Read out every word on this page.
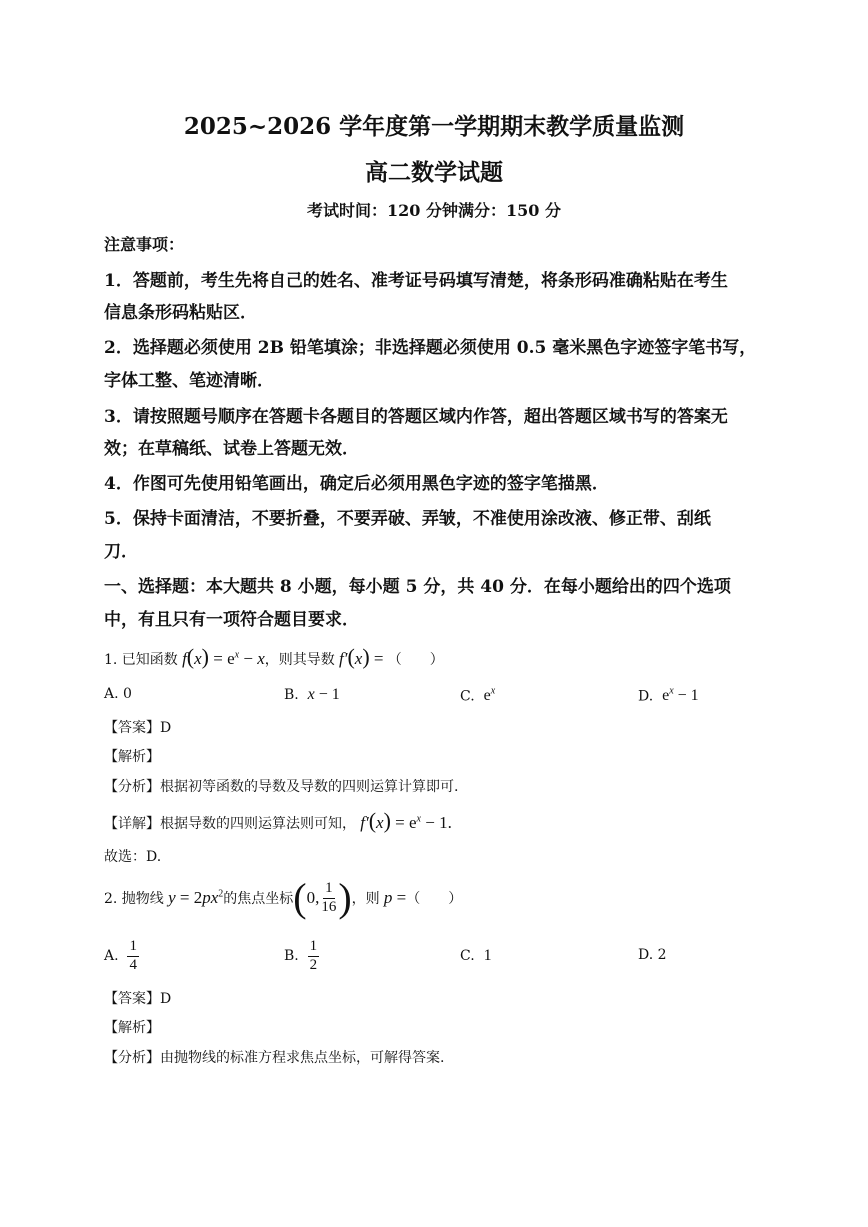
2025~2026 学年度第一学期期末教学质量监测
高二数学试题
考试时间：120 分钟满分：150 分
注意事项：
1．答题前，考生先将自己的姓名、准考证号码填写清楚，将条形码准确粘贴在考生
信息条形码粘贴区．
2．选择题必须使用 2B 铅笔填涂；非选择题必须使用 0.5 毫米黑色字迹签字笔书写，
字体工整、笔迹清晰．
3．请按照题号顺序在答题卡各题目的答题区域内作答，超出答题区域书写的答案无
效；在草稿纸、试卷上答题无效．
4．作图可先使用铅笔画出，确定后必须用黑色字迹的签字笔描黑．
5．保持卡面清洁，不要折叠，不要弄破、弄皱，不准使用涂改液、修正带、刮纸
刀．
一、选择题：本大题共 8 小题，每小题 5 分，共 40 分．在每小题给出的四个选项
中，有且只有一项符合题目要求．
1. 已知函数 $f(x) = e^x - x$，则其导数 f′(x) = （　　）
A. 0	B. x − 1	C. $e^x$	D. $e^x - 1$
【答案】D
【解析】
【分析】根据初等函数的导数及导数的四则运算计算即可.
【详解】根据导数的四则运算法则可知， $f'(x) = e^x - 1$.
故选：D.
2. 抛物线 $y = 2px^2$ 的焦点坐标 ( 0, $\frac{1}{16}$ ) ，则 p = （　　）
A.
$\frac{1}{4}$	B.
$\frac{1}{2}$	C. 1	D. 2
【答案】D
【解析】
【分析】由抛物线的标准方程求焦点坐标，可解得答案.
